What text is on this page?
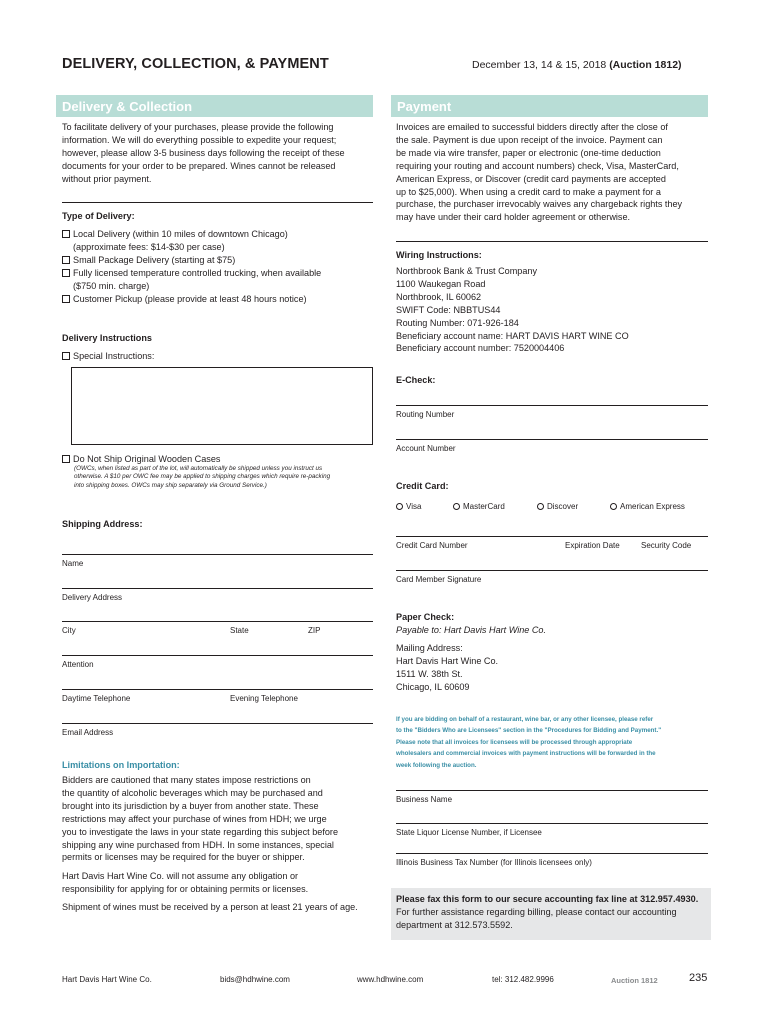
DELIVERY, COLLECTION, & PAYMENT	December 13, 14 & 15, 2018 (Auction 1812)
Delivery & Collection
To facilitate delivery of your purchases, please provide the following
information. We will do everything possible to expedite your request;
however, please allow 3-5 business days following the receipt of these
documents for your order to be prepared. Wines cannot be released
without prior payment.
Type of Delivery:
Local Delivery (within 10 miles of downtown Chicago)
(approximate fees: $14-$30 per case)
Small Package Delivery (starting at $75)
Fully licensed temperature controlled trucking, when available
($750 min. charge)
Customer Pickup (please provide at least 48 hours notice)
Delivery Instructions
Special Instructions:
Do Not Ship Original Wooden Cases
(OWCs, when listed as part of the lot, will automatically be shipped unless you instruct us
otherwise. A $10 per OWC fee may be applied to shipping charges which require re-packing
into shipping boxes. OWCs may ship separately via Ground Service.)
Shipping Address:
Name
Delivery Address
City	State	ZIP
Attention
Daytime Telephone	Evening Telephone
Email Address
Limitations on Importation:
Bidders are cautioned that many states impose restrictions on
the quantity of alcoholic beverages which may be purchased and
brought into its jurisdiction by a buyer from another state. These
restrictions may affect your purchase of wines from HDH; we urge
you to investigate the laws in your state regarding this subject before
shipping any wine purchased from HDH. In some instances, special
permits or licenses may be required for the buyer or shipper.
Hart Davis Hart Wine Co. will not assume any obligation or
responsibility for applying for or obtaining permits or licenses.
Shipment of wines must be received by a person at least 21 years of age.
Payment
Invoices are emailed to successful bidders directly after the close of
the sale. Payment is due upon receipt of the invoice. Payment can
be made via wire transfer, paper or electronic (one-time deduction
requiring your routing and account numbers) check, Visa, MasterCard,
American Express, or Discover (credit card payments are accepted
up to $25,000). When using a credit card to make a payment for a
purchase, the purchaser irrevocably waives any chargeback rights they
may have under their card holder agreement or otherwise.
Wiring Instructions:
Northbrook Bank & Trust Company
1100 Waukegan Road
Northbrook, IL 60062
SWIFT Code: NBBTUS44
Routing Number: 071-926-184
Beneficiary account name: HART DAVIS HART WINE CO
Beneficiary account number: 7520004406
E-Check:
Routing Number
Account Number
Credit Card:
Visa	MasterCard	Discover	American Express
Credit Card Number	Expiration Date	Security Code
Card Member Signature
Paper Check:
Payable to: Hart Davis Hart Wine Co.
Mailing Address:
Hart Davis Hart Wine Co.
1511 W. 38th St.
Chicago, IL 60609
If you are bidding on behalf of a restaurant, wine bar, or any other licensee, please refer
to the "Bidders Who are Licensees" section in the "Procedures for Bidding and Payment."
Please note that all invoices for licensees will be processed through appropriate
wholesalers and commercial invoices with payment instructions will be forwarded in the
week following the auction.
Business Name
State Liquor License Number, if Licensee
Illinois Business Tax Number (for Illinois licensees only)
Please fax this form to our secure accounting fax line at 312.957.4930.
For further assistance regarding billing, please contact our accounting
department at 312.573.5592.
Hart Davis Hart Wine Co.	bids@hdhwine.com	www.hdhwine.com	tel: 312.482.9996	Auction 1812	235
